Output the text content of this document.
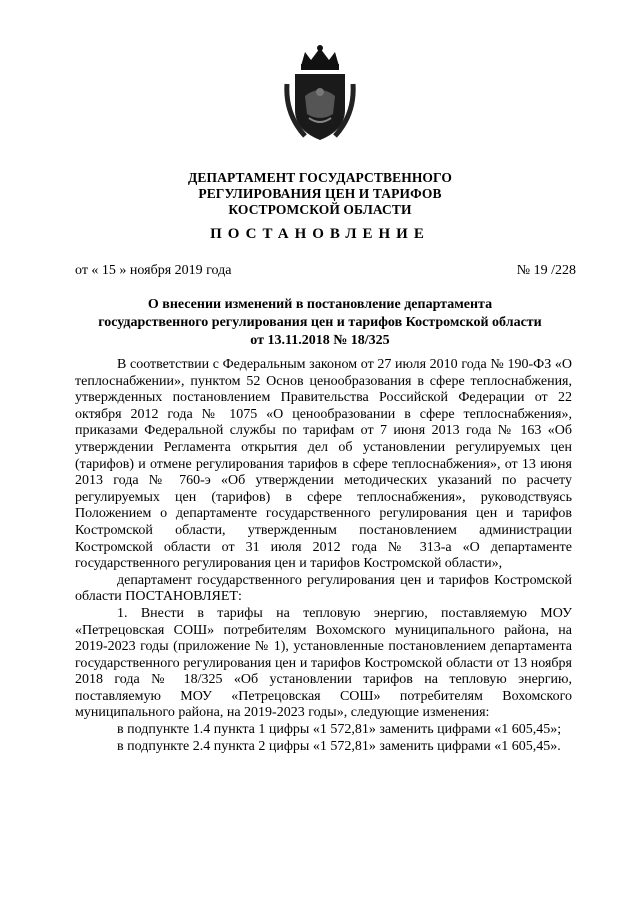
ДЕПАРТАМЕНТ ГОСУДАРСТВЕННОГО
РЕГУЛИРОВАНИЯ ЦЕН И ТАРИФОВ
КОСТРОМСКОЙ ОБЛАСТИ
ПОСТАНОВЛЕНИЕ
от « 15 » ноября 2019 года	№ 19 /228
О внесении изменений в постановление департамента
государственного регулирования цен и тарифов Костромской области
от 13.11.2018 № 18/325

В соответствии с Федеральным законом от 27 июля 2010 года № 190-ФЗ «О теплоснабжении», пунктом 52 Основ ценообразования в сфере теплоснабжения, утвержденных постановлением Правительства Российской Федерации от 22 октября 2012 года № 1075 «О ценообразовании в сфере теплоснабжения», приказами Федеральной службы по тарифам от 7 июня 2013 года № 163 «Об утверждении Регламента открытия дел об установлении регулируемых цен (тарифов) и отмене регулирования тарифов в сфере теплоснабжения», от 13 июня 2013 года № 760-э «Об утверждении методических указаний по расчету регулируемых цен (тарифов) в сфере теплоснабжения», руководствуясь Положением о департаменте государственного регулирования цен и тарифов Костромской области, утвержденным постановлением администрации Костромской области от 31 июля 2012 года № 313-а «О департаменте государственного регулирования цен и тарифов Костромской области»,

департамент государственного регулирования цен и тарифов Костромской области ПОСТАНОВЛЯЕТ:

1. Внести в тарифы на тепловую энергию, поставляемую МОУ «Петрецовская СОШ» потребителям Вохомского муниципального района, на 2019-2023 годы (приложение № 1), установленные постановлением департамента государственного регулирования цен и тарифов Костромской области от 13 ноября 2018 года № 18/325 «Об установлении тарифов на тепловую энергию, поставляемую МОУ «Петрецовская СОШ» потребителям Вохомского муниципального района, на 2019-2023 годы», следующие изменения:

в подпункте 1.4 пункта 1 цифры «1 572,81» заменить цифрами «1 605,45»;

в подпункте 2.4 пункта 2 цифры «1 572,81» заменить цифрами «1 605,45».
